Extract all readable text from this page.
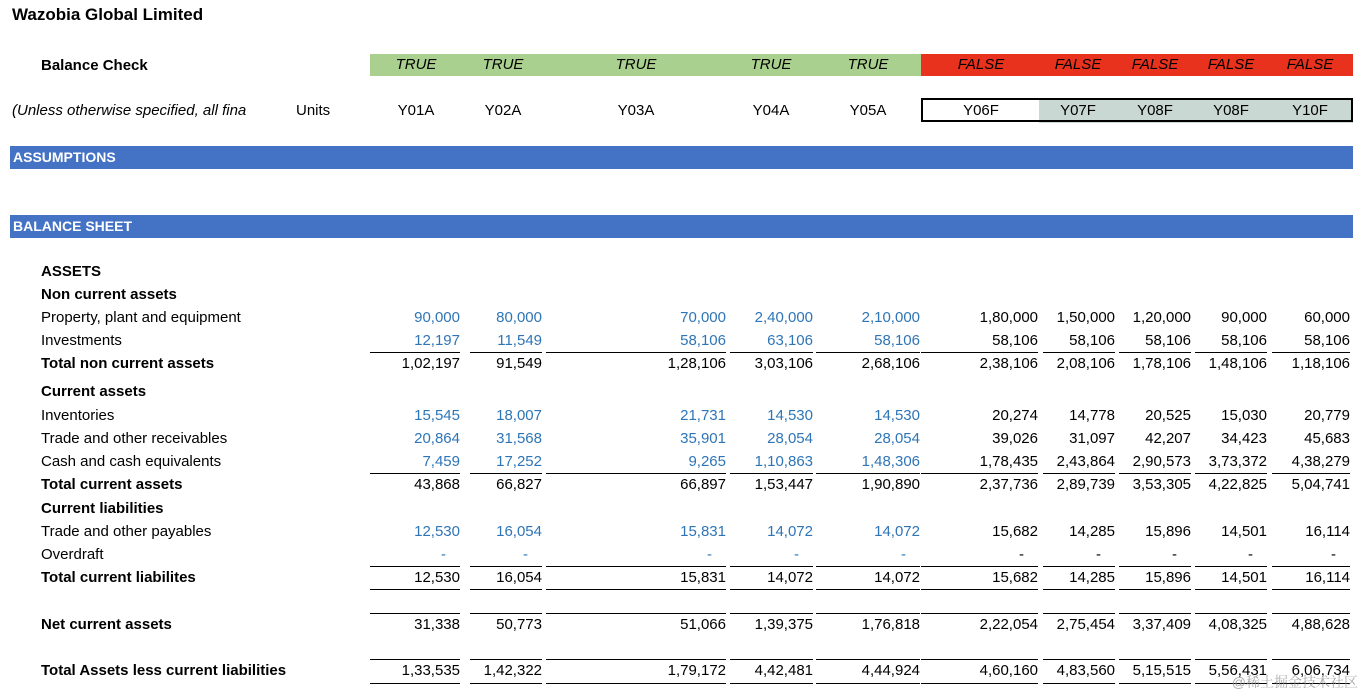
Wazobia Global Limited
Balance Check	TRUE	TRUE	TRUE	TRUE	TRUE	FALSE	FALSE	FALSE	FALSE	FALSE
(Unless otherwise specified, all fina	Units	Y01A	Y02A	Y03A	Y04A	Y05A	Y06F	Y07F	Y08F	Y08F	Y10F
ASSUMPTIONS
BALANCE SHEET
ASSETS
Non current assets
Property, plant and equipment	90,000	80,000	70,000	2,40,000	2,10,000	1,80,000	1,50,000	1,20,000	90,000	60,000
Investments	12,197	11,549	58,106	63,106	58,106	58,106	58,106	58,106	58,106	58,106
Total non current assets	1,02,197	91,549	1,28,106	3,03,106	2,68,106	2,38,106	2,08,106	1,78,106	1,48,106	1,18,106
Current assets
Inventories	15,545	18,007	21,731	14,530	14,530	20,274	14,778	20,525	15,030	20,779
Trade and other receivables	20,864	31,568	35,901	28,054	28,054	39,026	31,097	42,207	34,423	45,683
Cash and cash equivalents	7,459	17,252	9,265	1,10,863	1,48,306	1,78,435	2,43,864	2,90,573	3,73,372	4,38,279
Total current assets	43,868	66,827	66,897	1,53,447	1,90,890	2,37,736	2,89,739	3,53,305	4,22,825	5,04,741
Current liabilities
Trade and other payables	12,530	16,054	15,831	14,072	14,072	15,682	14,285	15,896	14,501	16,114
Overdraft	-	-	-	-	-	-	-	-	-	-
Total current liabilites	12,530	16,054	15,831	14,072	14,072	15,682	14,285	15,896	14,501	16,114
Net current assets	31,338	50,773	51,066	1,39,375	1,76,818	2,22,054	2,75,454	3,37,409	4,08,325	4,88,628
Total Assets less current liabilities	1,33,535	1,42,322	1,79,172	4,42,481	4,44,924	4,60,160	4,83,560	5,15,515	5,56,431	6,06,734
@稀土掘金技术社区
